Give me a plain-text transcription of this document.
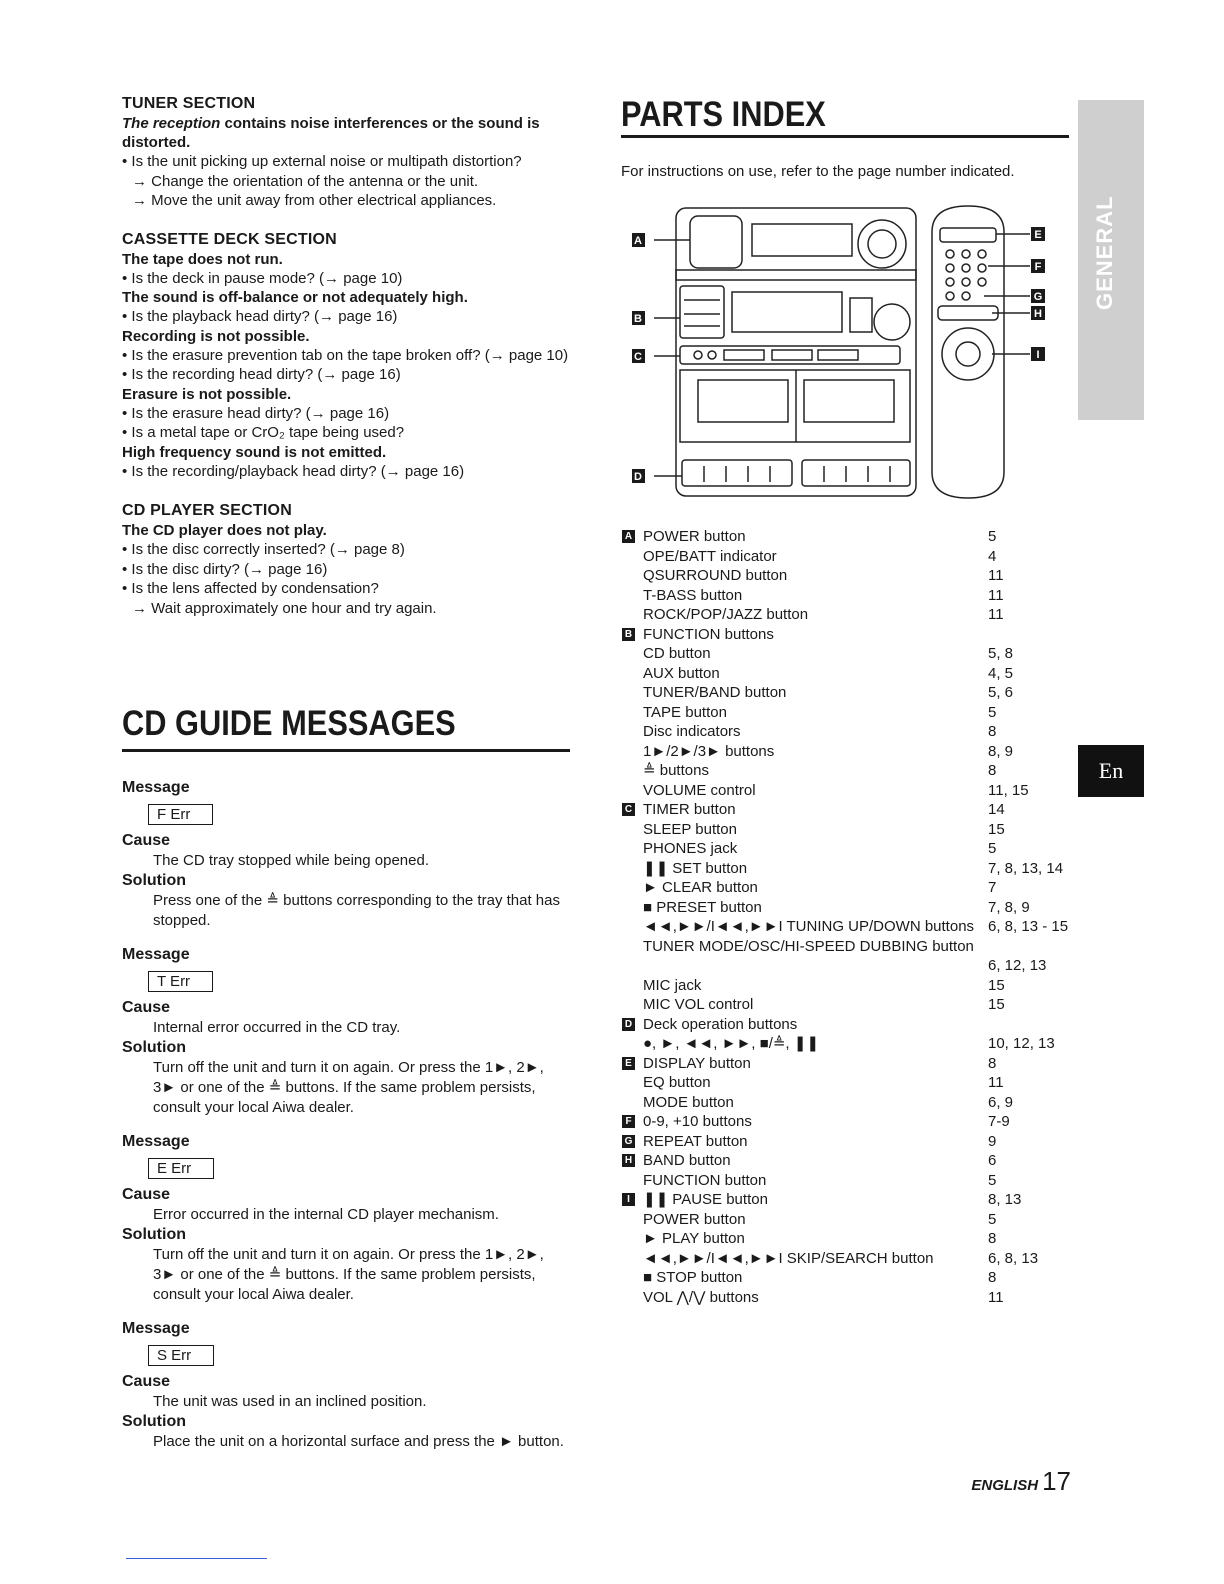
TUNER SECTION

The reception contains noise interferences or the sound is distorted.

• Is the unit picking up external noise or multipath distortion?

→ Change the orientation of the antenna or the unit.

→ Move the unit away from other electrical appliances.

CASSETTE DECK SECTION

The tape does not run.

• Is the deck in pause mode? (→ page 10)

The sound is off-balance or not adequately high.

• Is the playback head dirty? (→ page 16)

Recording is not possible.

• Is the erasure prevention tab on the tape broken off? (→ page 10)

• Is the recording head dirty? (→ page 16)

Erasure is not possible.

• Is the erasure head dirty? (→ page 16)

• Is a metal tape or CrO₂ tape being used?

High frequency sound is not emitted.

• Is the recording/playback head dirty? (→ page 16)

CD PLAYER SECTION

The CD player does not play.

• Is the disc correctly inserted? (→ page 8)

• Is the disc dirty? (→ page 16)

• Is the lens affected by condensation?

→ Wait approximately one hour and try again.

CD GUIDE MESSAGES

Message

F Err

Cause

The CD tray stopped while being opened.

Solution

Press one of the ≜ buttons corresponding to the tray that has stopped.

Message

T Err

Cause

Internal error occurred in the CD tray.

Solution

Turn off the unit and turn it on again. Or press the 1►, 2►, 3► or one of the ≜ buttons. If the same problem persists, consult your local Aiwa dealer.

Message

E Err

Cause

Error occurred in the internal CD player mechanism.

Solution

Turn off the unit and turn it on again. Or press the 1►, 2►, 3► or one of the ≜ buttons. If the same problem persists, consult your local Aiwa dealer.

Message

S Err

Cause

The unit was used in an inclined position.

Solution

Place the unit on a horizontal surface and press the ► button.

PARTS INDEX

For instructions on use, refer to the page number indicated.

A
B
C
D
E
F
G
H
I
A POWER button	5
OPE/BATT indicator	4
QSURROUND button	11
T-BASS button	11
ROCK/POP/JAZZ button	11
B FUNCTION buttons
CD button	5, 8
AUX button	4, 5
TUNER/BAND button	5, 6
TAPE button	5
Disc indicators	8
1►/2►/3► buttons	8, 9
≜ buttons	8
VOLUME control	11, 15
C TIMER button	14
SLEEP button	15
PHONES jack	5
❚❚ SET button	7, 8, 13, 14
► CLEAR button	7
■ PRESET button	7, 8, 9
◄◄,►►/I◄◄,►►I TUNING UP/DOWN buttons 6, 8, 13 - 15
TUNER MODE/OSC/HI-SPEED DUBBING button
6, 12, 13
MIC jack	15
MIC VOL control	15
D Deck operation buttons
●, ►, ◄◄, ►►, ■/≜, ❚❚	10, 12, 13
E DISPLAY button	8
EQ button	11
MODE button	6, 9
F 0-9, +10 buttons	7-9
G REPEAT button	9
H BAND button	6
FUNCTION button	5
I ❚❚ PAUSE button	8, 13
POWER button	5
► PLAY button	8
◄◄,►►/I◄◄,►►I SKIP/SEARCH button	6, 8, 13
■ STOP button	8
VOL ⋀/⋁ buttons	11
GENERAL
En
ENGLISH 17
